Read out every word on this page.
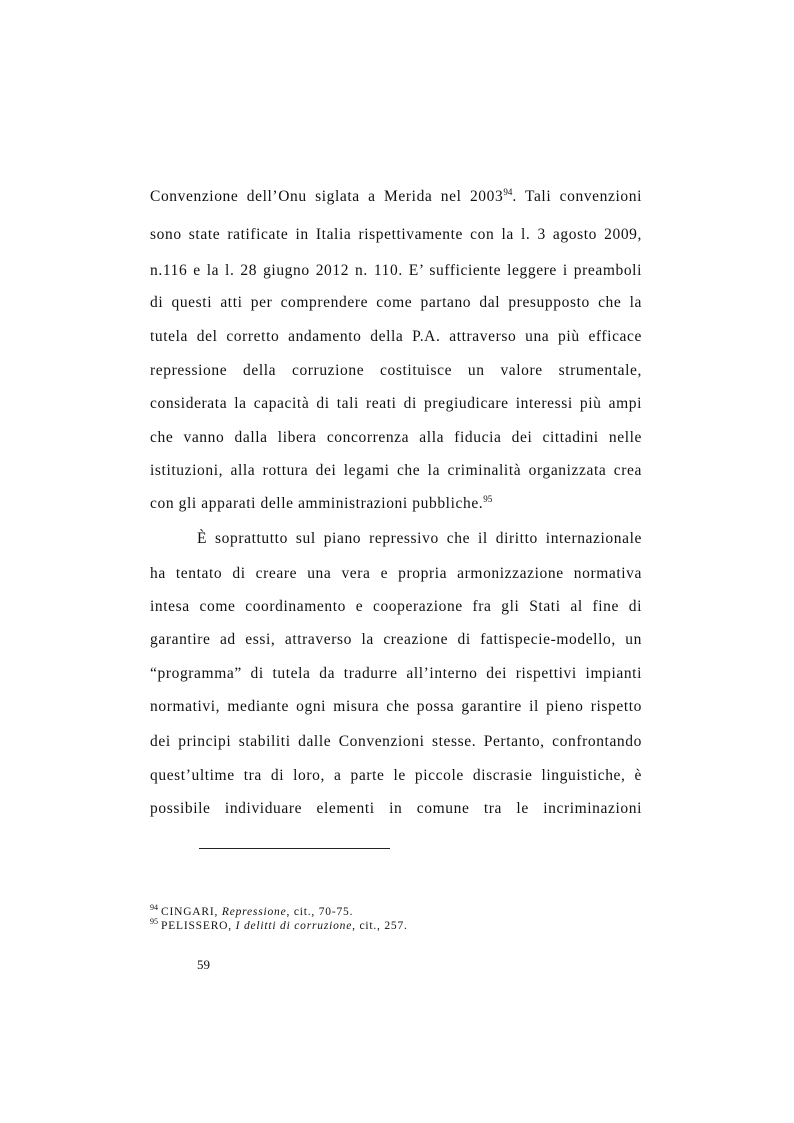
Convenzione dell’Onu siglata a Merida nel 2003$^{94}$. Tali convenzioni
sono state ratificate in Italia rispettivamente con la l. 3 agosto 2009,
n.116 e la l. 28 giugno 2012 n. 110. E’ sufficiente leggere i preamboli
di questi atti per comprendere come partano dal presupposto che la
tutela del corretto andamento della P.A. attraverso una più efficace
repressione della corruzione costituisce un valore strumentale,
considerata la capacità di tali reati di pregiudicare interessi più ampi
che vanno dalla libera concorrenza alla fiducia dei cittadini nelle
istituzioni, alla rottura dei legami che la criminalità organizzata crea
con gli apparati delle amministrazioni pubbliche.$^{95}$
È soprattutto sul piano repressivo che il diritto internazionale
ha tentato di creare una vera e propria armonizzazione normativa
intesa come coordinamento e cooperazione fra gli Stati al fine di
garantire ad essi, attraverso la creazione di fattispecie-modello, un
“programma” di tutela da tradurre all’interno dei rispettivi impianti
normativi, mediante ogni misura che possa garantire il pieno rispetto
dei principi stabiliti dalle Convenzioni stesse. Pertanto, confrontando
quest’ultime tra di loro, a parte le piccole discrasie linguistiche, è
possibile individuare elementi in comune tra le incriminazioni
$^{94}$ CINGARI, Repressione, cit., 70-75.
$^{95}$ PELISSERO, I delitti di corruzione, cit., 257.
59
